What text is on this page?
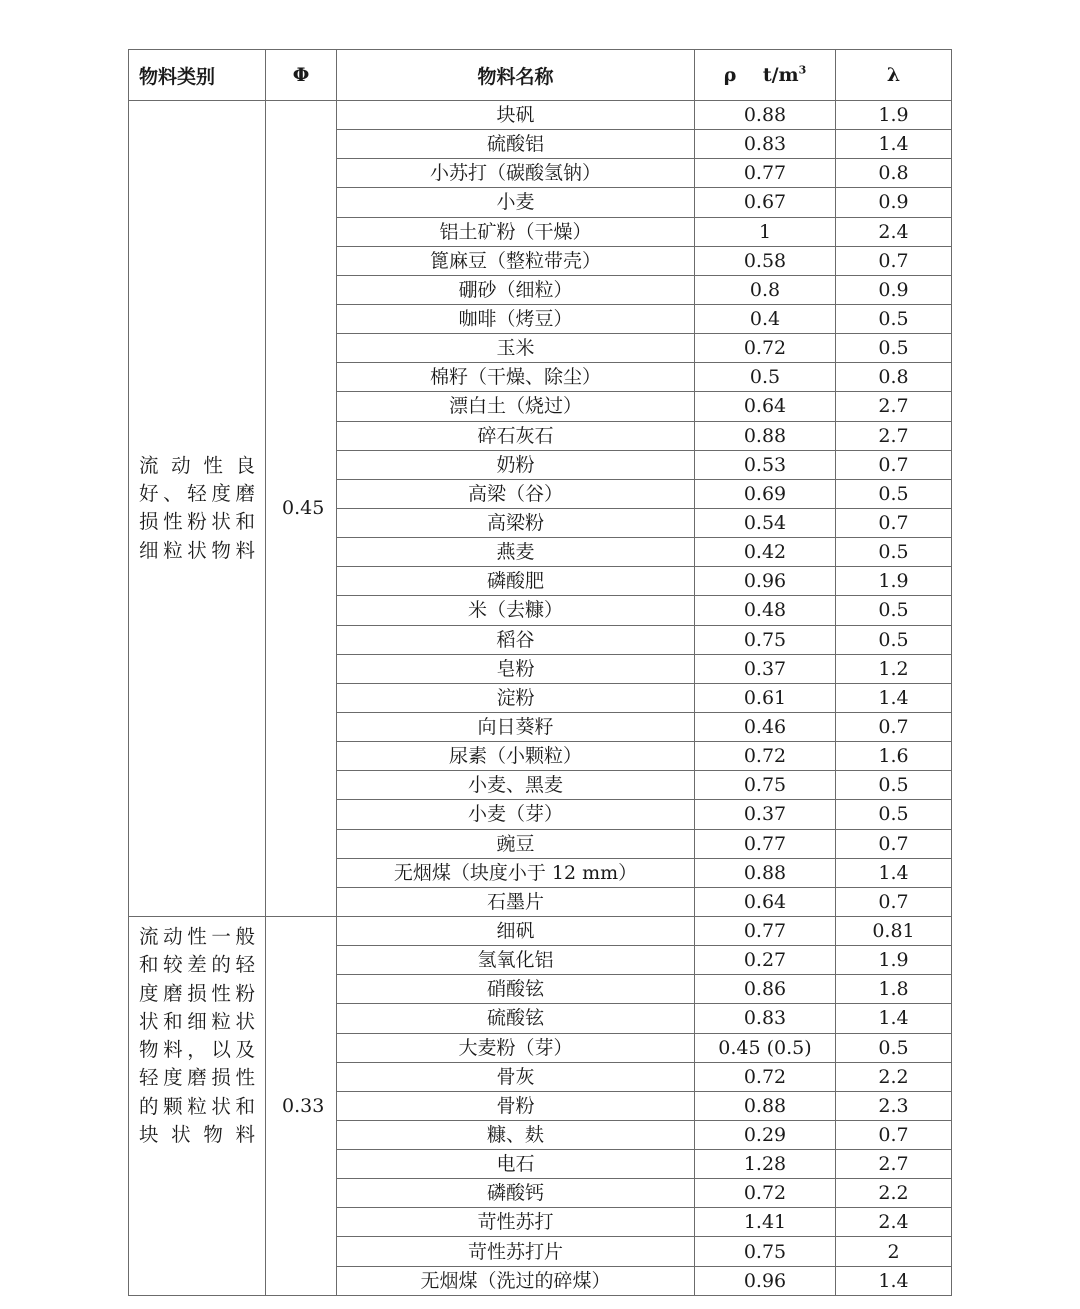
物料类别	Φ	物料名称	ρ $t/m^3$	λ
流动性良好、轻度磨损性粉状和细粒状物料	0.45	块矾	0.88	1.9
		硫酸铝	0.83	1.4
		小苏打（碳酸氢钠）	0.77	0.8
		小麦	0.67	0.9
		铝土矿粉（干燥）	1	2.4
		篦麻豆（整粒带壳）	0.58	0.7
		硼砂（细粒）	0.8	0.9
		咖啡（烤豆）	0.4	0.5
		玉米	0.72	0.5
		棉籽（干燥、除尘）	0.5	0.8
		漂白土（烧过）	0.64	2.7
		碎石灰石	0.88	2.7
		奶粉	0.53	0.7
		高梁（谷）	0.69	0.5
		高梁粉	0.54	0.7
		燕麦	0.42	0.5
		磷酸肥	0.96	1.9
		米（去糠）	0.48	0.5
		稻谷	0.75	0.5
		皂粉	0.37	1.2
		淀粉	0.61	1.4
		向日葵籽	0.46	0.7
		尿素（小颗粒）	0.72	1.6
		小麦、黑麦	0.75	0.5
		小麦（芽）	0.37	0.5
		豌豆	0.77	0.7
		无烟煤（块度小于 12 mm）	0.88	1.4
		石墨片	0.64	0.7
流动性一般和较差的轻度磨损性粉状和细粒状物料，以及轻度磨损性的颗粒状和块状物料	0.33	细矾	0.77	0.81
		氢氧化铝	0.27	1.9
		硝酸铉	0.86	1.8
		硫酸铉	0.83	1.4
		大麦粉（芽）	0.45 (0.5)	0.5
		骨灰	0.72	2.2
		骨粉	0.88	2.3
		糠、麸	0.29	0.7
		电石	1.28	2.7
		磷酸钙	0.72	2.2
		苛性苏打	1.41	2.4
		苛性苏打片	0.75	2
		无烟煤（洗过的碎煤）	0.96	1.4
